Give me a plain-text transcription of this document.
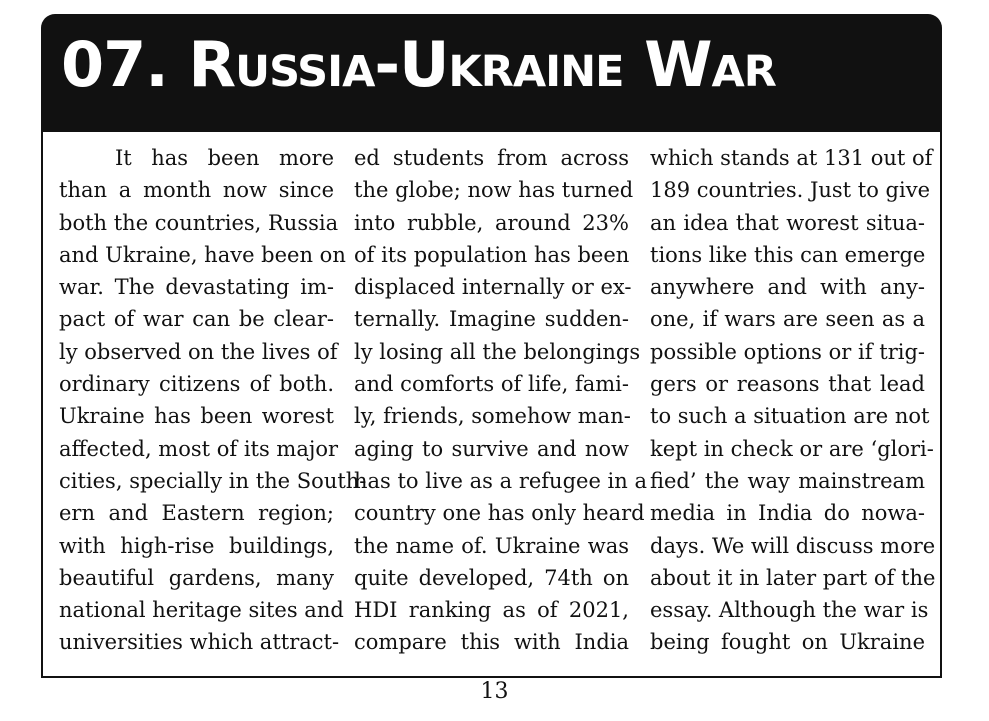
07. Russia-Ukraine War
It has been more
than a month now since
both the countries, Russia
and Ukraine, have been on
war. The devastating im-
pact of war can be clear-
ly observed on the lives of
ordinary citizens of both.
Ukraine has been worest
affected, most of its major
cities, specially in the South-
ern and Eastern region;
with high-rise buildings,
beautiful gardens, many
national heritage sites and
universities which attract-
ed students from across
the globe; now has turned
into rubble, around 23%
of its population has been
displaced internally or ex-
ternally. Imagine sudden-
ly losing all the belongings
and comforts of life, fami-
ly, friends, somehow man-
aging to survive and now
has to live as a refugee in a
country one has only heard
the name of. Ukraine was
quite developed, 74th on
HDI ranking as of 2021,
compare this with India
which stands at 131 out of
189 countries. Just to give
an idea that worest situa-
tions like this can emerge
anywhere and with any-
one, if wars are seen as a
possible options or if trig-
gers or reasons that lead
to such a situation are not
kept in check or are ‘glori-
fied’ the way mainstream
media in India do nowa-
days. We will discuss more
about it in later part of the
essay. Although the war is
being fought on Ukraine
13
